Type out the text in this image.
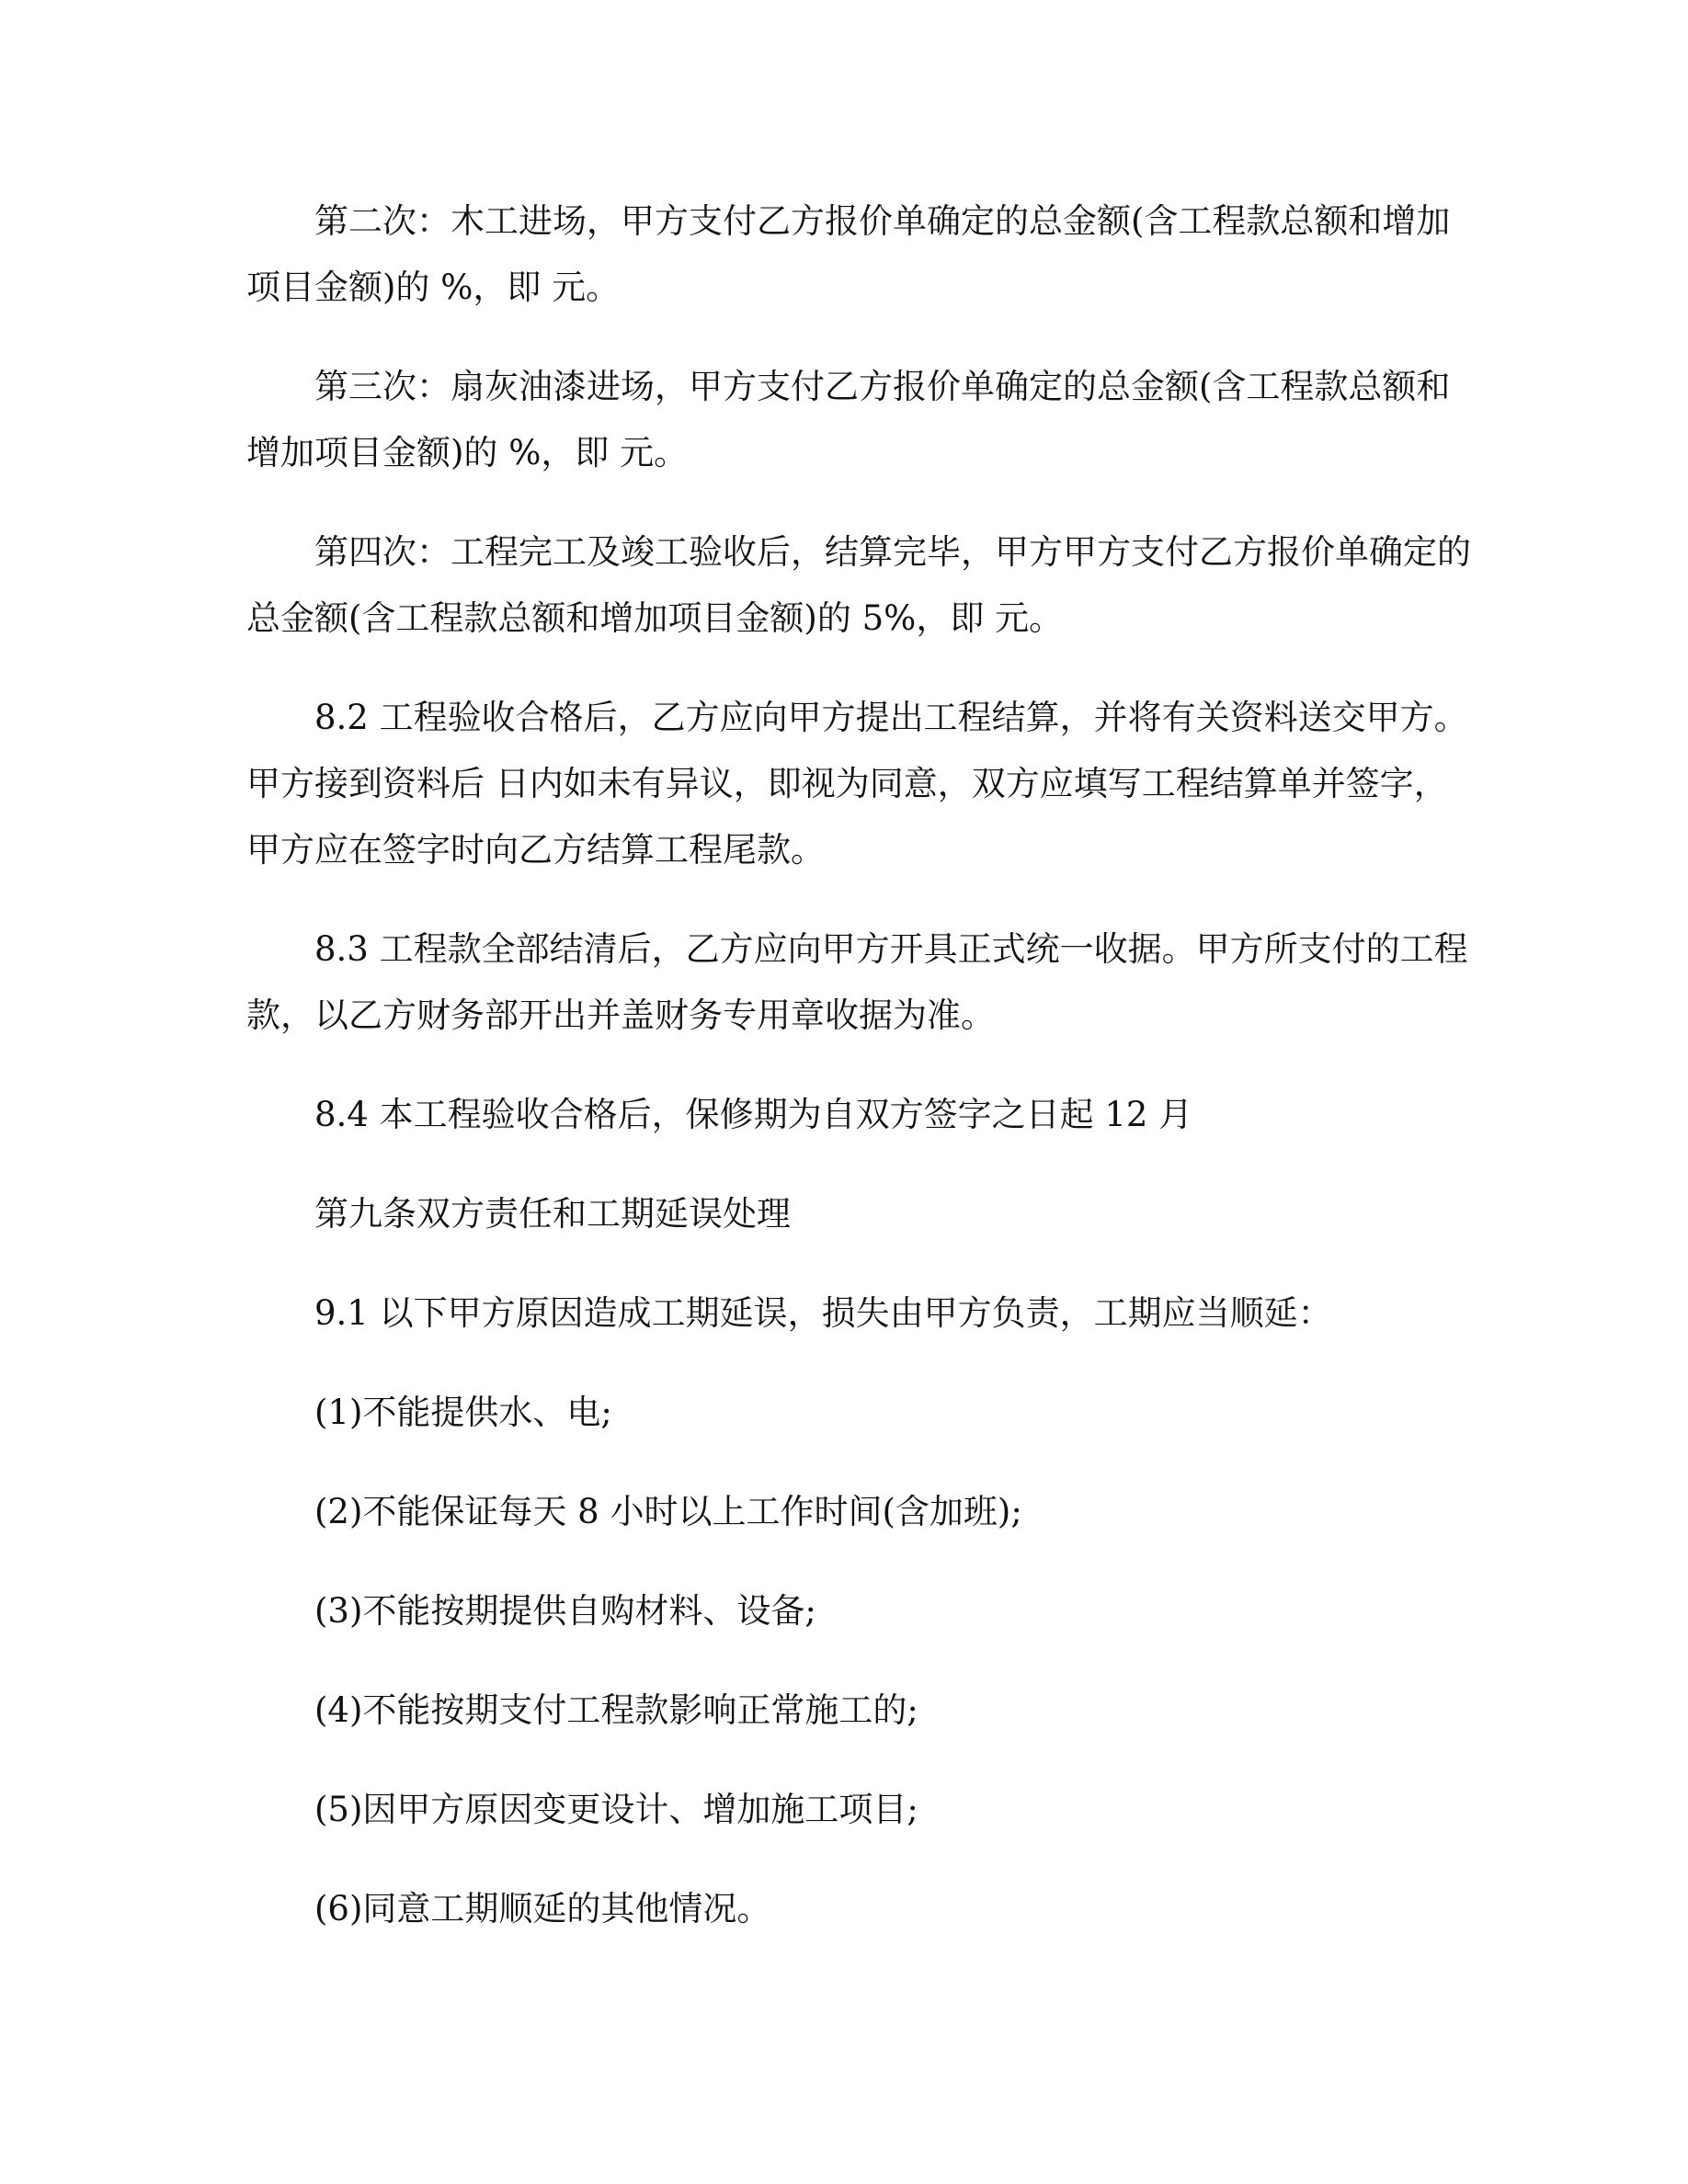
第二次：木工进场，甲方支付乙方报价单确定的总金额(含工程款总额和增加
项目金额)的 %，即 元。

第三次：扇灰油漆进场，甲方支付乙方报价单确定的总金额(含工程款总额和
增加项目金额)的 %，即 元。

第四次：工程完工及竣工验收后，结算完毕，甲方甲方支付乙方报价单确定的
总金额(含工程款总额和增加项目金额)的 5%，即 元。

8.2 工程验收合格后，乙方应向甲方提出工程结算，并将有关资料送交甲方。
甲方接到资料后 日内如未有异议，即视为同意，双方应填写工程结算单并签字，
甲方应在签字时向乙方结算工程尾款。

8.3 工程款全部结清后，乙方应向甲方开具正式统一收据。甲方所支付的工程
款，以乙方财务部开出并盖财务专用章收据为准。

8.4 本工程验收合格后，保修期为自双方签字之日起 12 月

第九条双方责任和工期延误处理

9.1 以下甲方原因造成工期延误，损失由甲方负责，工期应当顺延：

(1)不能提供水、电;

(2)不能保证每天 8 小时以上工作时间(含加班);

(3)不能按期提供自购材料、设备;

(4)不能按期支付工程款影响正常施工的;

(5)因甲方原因变更设计、增加施工项目;

(6)同意工期顺延的其他情况。
